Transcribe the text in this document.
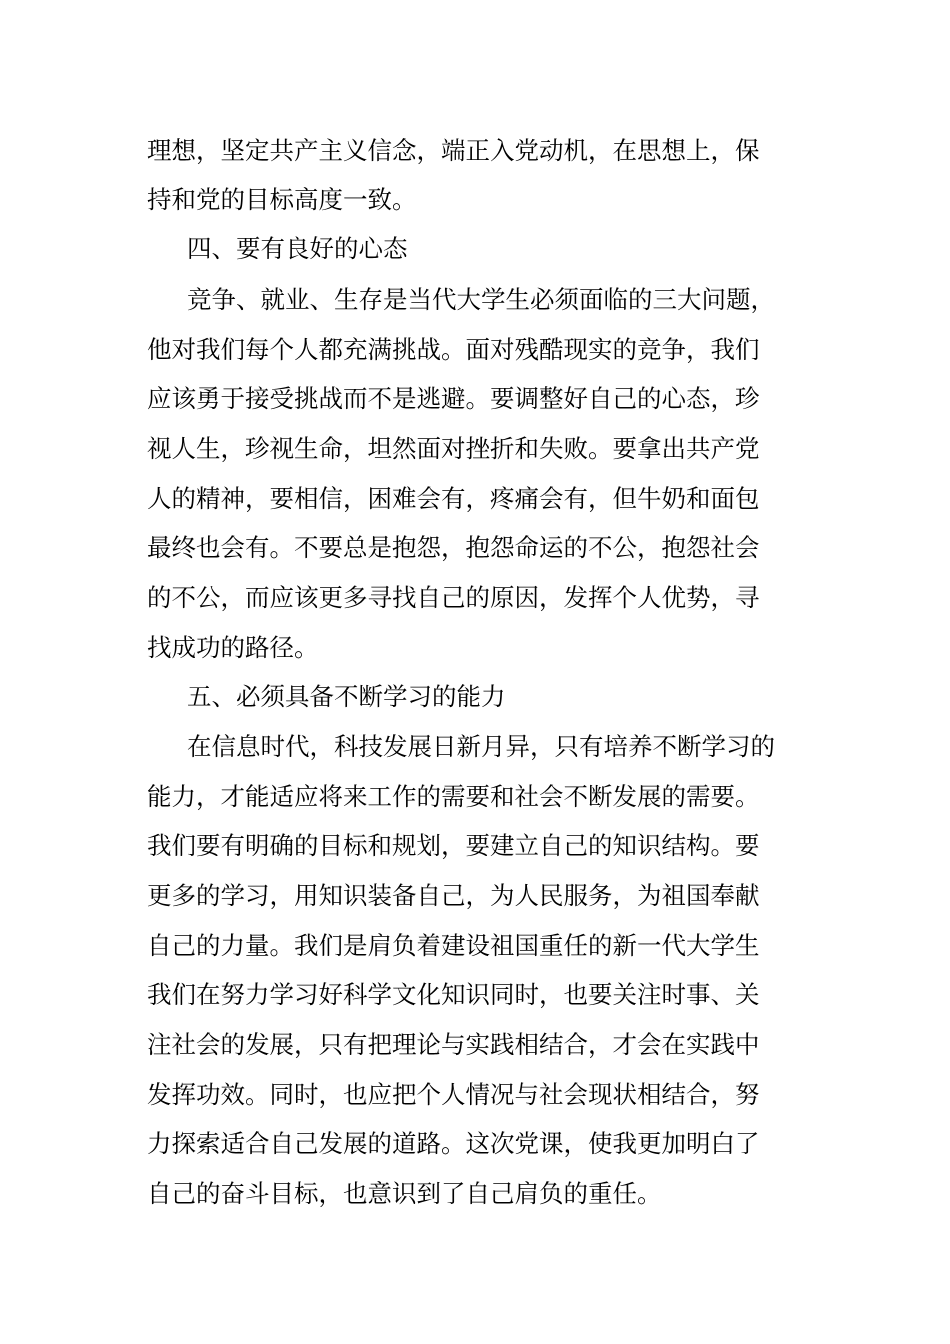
理想，坚定共产主义信念，端正入党动机，在思想上，保
持和党的目标高度一致。
四、要有良好的心态
竞争、就业、生存是当代大学生必须面临的三大问题，
他对我们每个人都充满挑战。面对残酷现实的竞争，我们
应该勇于接受挑战而不是逃避。要调整好自己的心态，珍
视人生，珍视生命，坦然面对挫折和失败。要拿出共产党
人的精神，要相信，困难会有，疼痛会有，但牛奶和面包
最终也会有。不要总是抱怨，抱怨命运的不公，抱怨社会
的不公，而应该更多寻找自己的原因，发挥个人优势，寻
找成功的路径。
五、必须具备不断学习的能力
在信息时代，科技发展日新月异，只有培养不断学习的
能力，才能适应将来工作的需要和社会不断发展的需要。
我们要有明确的目标和规划，要建立自己的知识结构。要
更多的学习，用知识装备自己，为人民服务，为祖国奉献
自己的力量。我们是肩负着建设祖国重任的新一代大学生
我们在努力学习好科学文化知识同时，也要关注时事、关
注社会的发展，只有把理论与实践相结合，才会在实践中
发挥功效。同时，也应把个人情况与社会现状相结合，努
力探索适合自己发展的道路。这次党课，使我更加明白了
自己的奋斗目标，也意识到了自己肩负的重任。
